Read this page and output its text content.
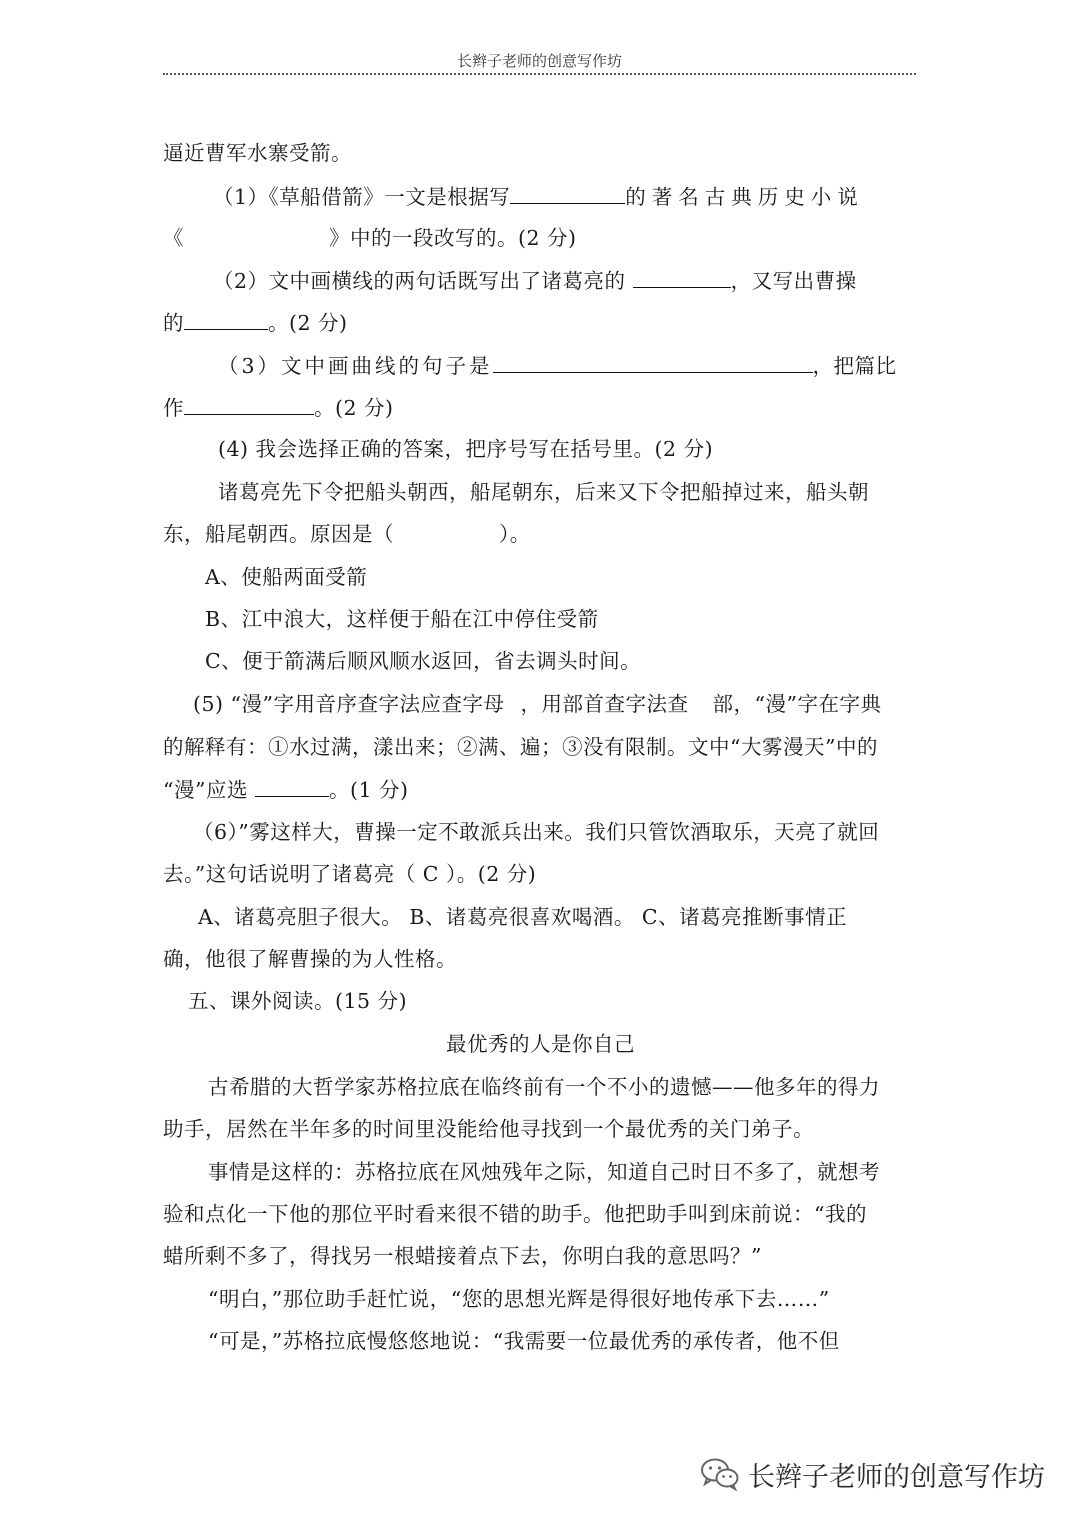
长辫子老师的创意写作坊
逼近曹军水寨受箭。
（1）《草船借箭》一文是根据写	的著名古典历史小说
《	》中的一段改写的。(2 分)
（2）文中画横线的两句话既写出了诸葛亮的	，又写出曹操
的	。(2 分)
（3）文中画曲线的句子是	，把篇比
作	。(2 分)
(4) 我会选择正确的答案，把序号写在括号里。(2 分)
诸葛亮先下令把船头朝西，船尾朝东，后来又下令把船掉过来，船头朝
东，船尾朝西。原因是（	）。
A、使船两面受箭
B、江中浪大，这样便于船在江中停住受箭
C、便于箭满后顺风顺水返回，省去调头时间。
(5) “漫”字用音序查字法应查字母 ，用部首查字法查 部，“漫”字在字典
的解释有：①水过满，漾出来；②满、遍；③没有限制。文中“大雾漫天”中的
“漫”应选	。(1 分)
（6）”雾这样大，曹操一定不敢派兵出来。我们只管饮酒取乐，天亮了就回
去。”这句话说明了诸葛亮（ C ）。(2 分)
A、诸葛亮胆子很大。 B、诸葛亮很喜欢喝酒。 C、诸葛亮推断事情正
确，他很了解曹操的为人性格。
五、课外阅读。(15 分)
最优秀的人是你自己
古希腊的大哲学家苏格拉底在临终前有一个不小的遗憾——他多年的得力
助手，居然在半年多的时间里没能给他寻找到一个最优秀的关门弟子。
事情是这样的：苏格拉底在风烛残年之际，知道自己时日不多了，就想考
验和点化一下他的那位平时看来很不错的助手。他把助手叫到床前说：“我的
蜡所剩不多了，得找另一根蜡接着点下去，你明白我的意思吗？”
“明白，”那位助手赶忙说，“您的思想光辉是得很好地传承下去……”
“可是，”苏格拉底慢悠悠地说：“我需要一位最优秀的承传者，他不但
长辫子老师的创意写作坊
